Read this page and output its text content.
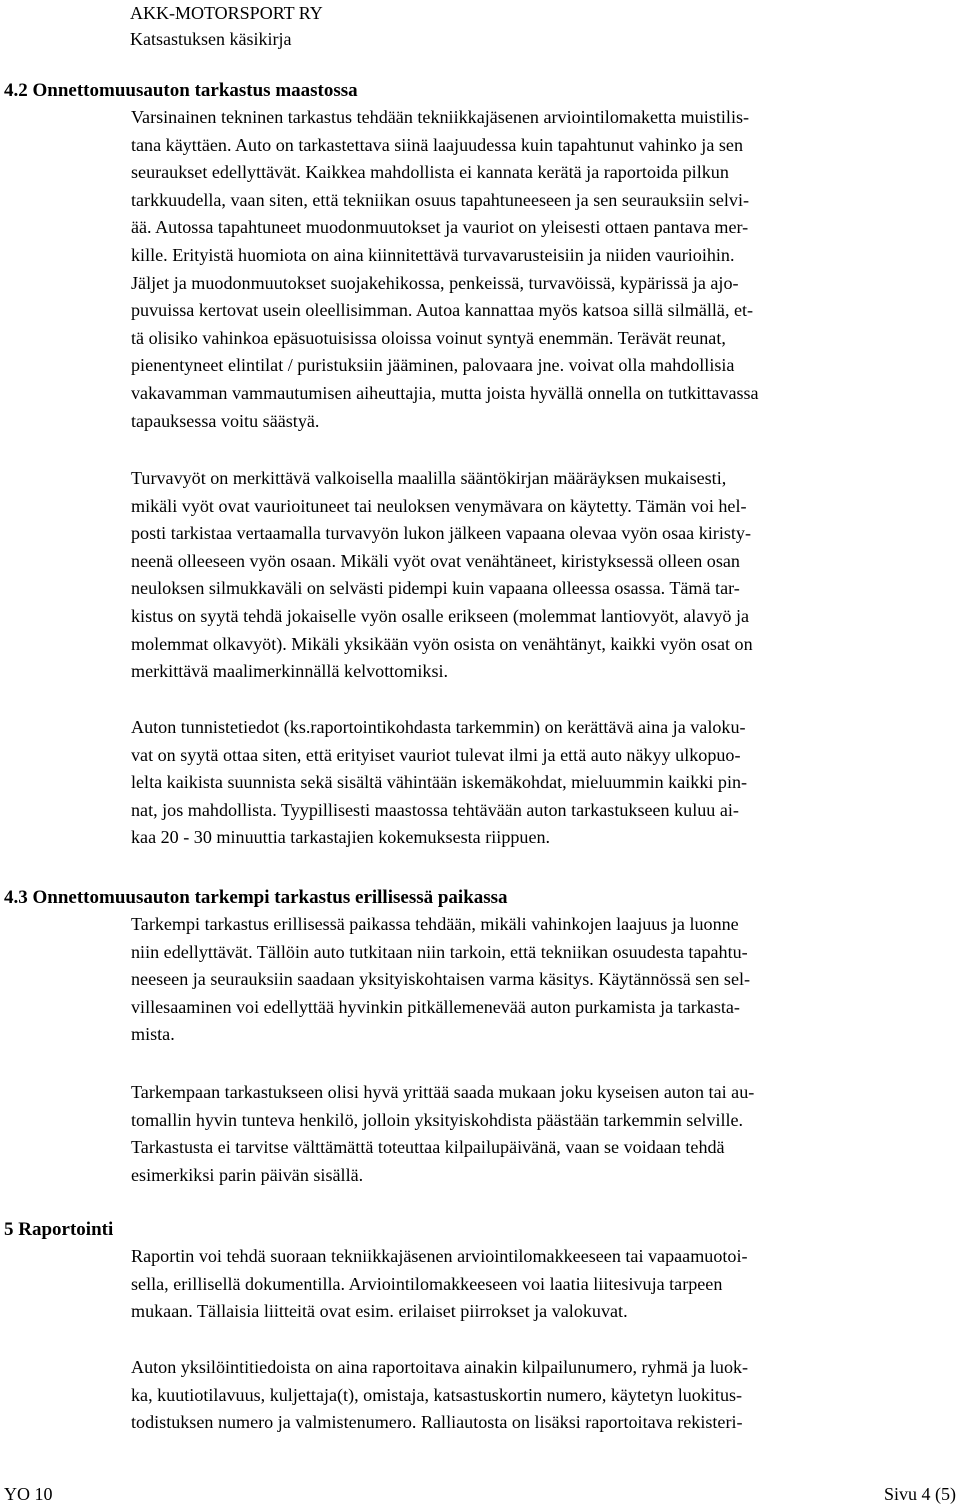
AKK-MOTORSPORT RY
Katsastuksen käsikirja
4.2 Onnettomuusauton tarkastus maastossa
Varsinainen tekninen tarkastus tehdään tekniikkajäsenen arviointilomaketta muistilis-
tana käyttäen. Auto on tarkastettava siinä laajuudessa kuin tapahtunut vahinko ja sen
seuraukset edellyttävät. Kaikkea mahdollista ei kannata kerätä ja raportoida pilkun
tarkkuudella, vaan siten, että tekniikan osuus tapahtuneeseen ja sen seurauksiin selvi-
ää. Autossa tapahtuneet muodonmuutokset ja vauriot on yleisesti ottaen pantava mer-
kille. Erityistä huomiota on aina kiinnitettävä turvavarusteisiin ja niiden vaurioihin.
Jäljet ja muodonmuutokset suojakehikossa, penkeissä, turvavöissä, kypärissä ja ajo-
puvuissa kertovat usein oleellisimman. Autoa kannattaa myös katsoa sillä silmällä, et-
tä olisiko vahinkoa epäsuotuisissa oloissa voinut syntyä enemmän. Terävät reunat,
pienentyneet elintilat / puristuksiin jääminen, palovaara jne. voivat olla mahdollisia
vakavamman vammautumisen aiheuttajia, mutta joista hyvällä onnella on tutkittavassa
tapauksessa voitu säästyä.
Turvavyöt on merkittävä valkoisella maalilla sääntökirjan määräyksen mukaisesti,
mikäli vyöt ovat vaurioituneet tai neuloksen venymävara on käytetty. Tämän voi hel-
posti tarkistaa vertaamalla turvavyön lukon jälkeen vapaana olevaa vyön osaa kiristy-
neenä olleeseen vyön osaan. Mikäli vyöt ovat venähtäneet, kiristyksessä olleen osan
neuloksen silmukkaväli on selvästi pidempi kuin vapaana olleessa osassa. Tämä tar-
kistus on syytä tehdä jokaiselle vyön osalle erikseen (molemmat lantiovyöt, alavyö ja
molemmat olkavyöt). Mikäli yksikään vyön osista on venähtänyt, kaikki vyön osat on
merkittävä maalimerkinnällä kelvottomiksi.
Auton tunnistetiedot (ks.raportointikohdasta tarkemmin) on kerättävä aina ja valoku-
vat on syytä ottaa siten, että erityiset vauriot tulevat ilmi ja että auto näkyy ulkopuo-
lelta kaikista suunnista sekä sisältä vähintään iskemäkohdat, mieluummin kaikki pin-
nat, jos mahdollista. Tyypillisesti maastossa tehtävään auton tarkastukseen kuluu ai-
kaa 20 - 30 minuuttia tarkastajien kokemuksesta riippuen.
4.3 Onnettomuusauton tarkempi tarkastus erillisessä paikassa
Tarkempi tarkastus erillisessä paikassa tehdään, mikäli vahinkojen laajuus ja luonne
niin edellyttävät. Tällöin auto tutkitaan niin tarkoin, että tekniikan osuudesta tapahtu-
neeseen ja seurauksiin saadaan yksityiskohtaisen varma käsitys. Käytännössä sen sel-
villesaaminen voi edellyttää hyvinkin pitkällemenevää auton purkamista ja tarkasta-
mista.
Tarkempaan tarkastukseen olisi hyvä yrittää saada mukaan joku kyseisen auton tai au-
tomallin hyvin tunteva henkilö, jolloin yksityiskohdista päästään tarkemmin selville.
Tarkastusta ei tarvitse välttämättä toteuttaa kilpailupäivänä, vaan se voidaan tehdä
esimerkiksi parin päivän sisällä.
5 Raportointi
Raportin voi tehdä suoraan tekniikkajäsenen arviointilomakkeeseen tai vapaamuotoi-
sella, erillisellä dokumentilla. Arviointilomakkeeseen voi laatia liitesivuja tarpeen
mukaan. Tällaisia liitteitä ovat esim. erilaiset piirrokset ja valokuvat.
Auton yksilöintitiedoista on aina raportoitava ainakin kilpailunumero, ryhmä ja luok-
ka, kuutiotilavuus, kuljettaja(t), omistaja, katsastuskortin numero, käytetyn luokitus-
todistuksen numero ja valmistenumero. Ralliautosta on lisäksi raportoitava rekisteri-
YO 10	Sivu 4 (5)
